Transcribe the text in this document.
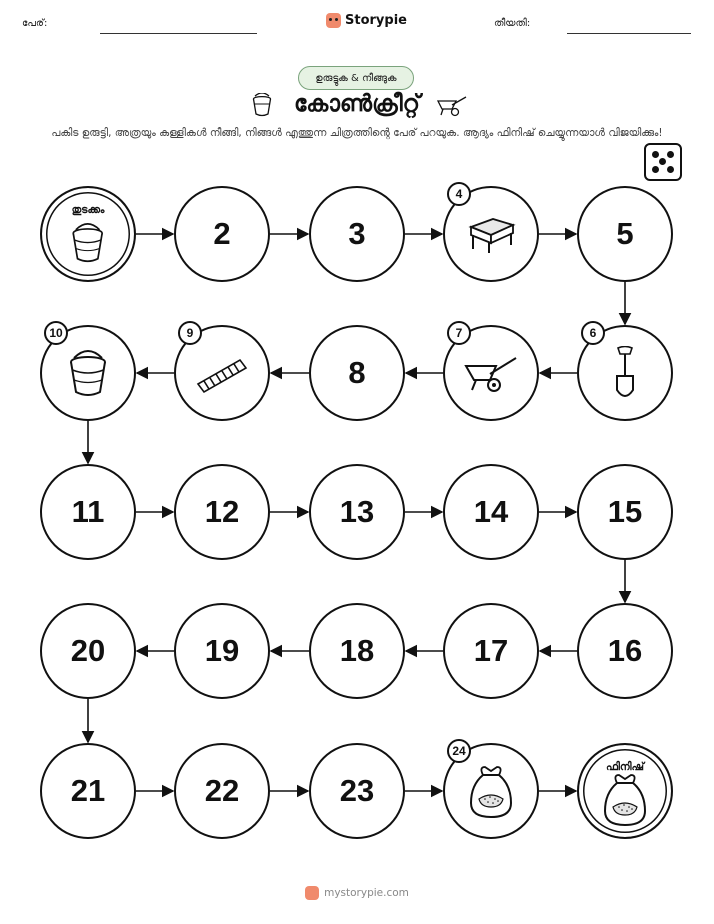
പേര്:	Storypie	തീയതി:
ഉരുട്ടുക & നീങ്ങുക
കോൺക്രീറ്റ്
പകിട ഉരുട്ടി, അത്രയും കള്ളികൾ നീങ്ങി, നിങ്ങൾ എത്തുന്ന ചിത്രത്തിന്റെ പേര് പറയുക. ആദ്യം ഫിനിഷ് ചെയ്യുന്നയാൾ വിജയിക്കും!
തുടക്കം
2	3
4
5
6
7
8
9
10
11	12	13	14	15
16
17
18
19
20
21	22	23
24
ഫിനിഷ്
mystorypie.com
